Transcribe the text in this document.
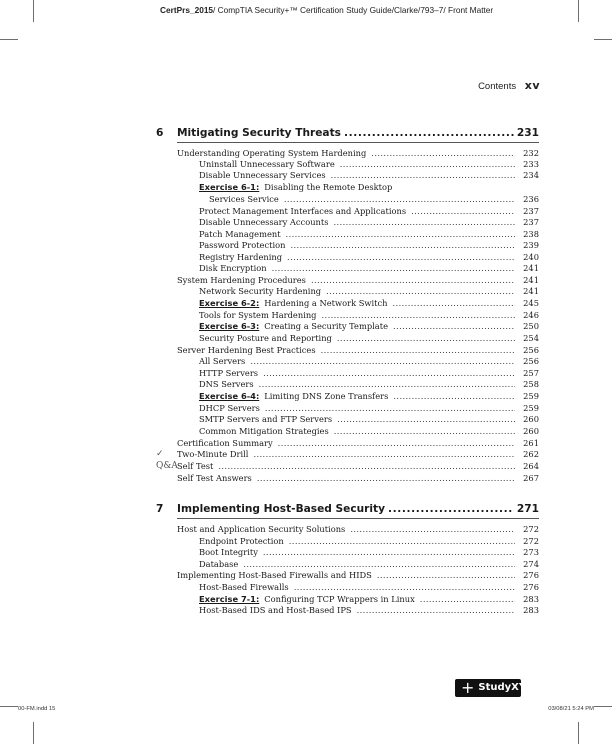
CertPrs_2015/ CompTIA Security+™ Certification Study Guide/Clarke/793–7/ Front Matter
Contents xv
6 Mitigating Security Threats .....	231
Understanding Operating System Hardening .....	232
Uninstall Unnecessary Software .....	233
Disable Unnecessary Services .....	234
Exercise 6-1: Disabling the Remote Desktop
Services Service .....	236
Protect Management Interfaces and Applications .....	237
Disable Unnecessary Accounts .....	237
Patch Management .....	238
Password Protection .....	239
Registry Hardening .....	240
Disk Encryption .....	241
System Hardening Procedures .....	241
Network Security Hardening .....	241
Exercise 6-2: Hardening a Network Switch .....	245
Tools for System Hardening .....	246
Exercise 6-3: Creating a Security Template .....	250
Security Posture and Reporting .....	254
Server Hardening Best Practices .....	256
All Servers .....	256
HTTP Servers .....	257
DNS Servers .....	258
Exercise 6-4: Limiting DNS Zone Transfers .....	259
DHCP Servers .....	259
SMTP Servers and FTP Servers .....	260
Common Mitigation Strategies .....	260
Certification Summary .....	261
✓ Two-Minute Drill .....	262
Q&A Self Test .....	264
Self Test Answers .....	267
7 Implementing Host-Based Security .....	271
Host and Application Security Solutions .....	272
Endpoint Protection .....	272
Boot Integrity .....	273
Database .....	274
Implementing Host-Based Firewalls and HIDS .....	276
Host-Based Firewalls .....	276
Exercise 7-1: Configuring TCP Wrappers in Linux .....	283
Host-Based IDS and Host-Based IPS .....	283
+ StudyXY
00-FM.indd 15	03/08/21 5:24 PM
